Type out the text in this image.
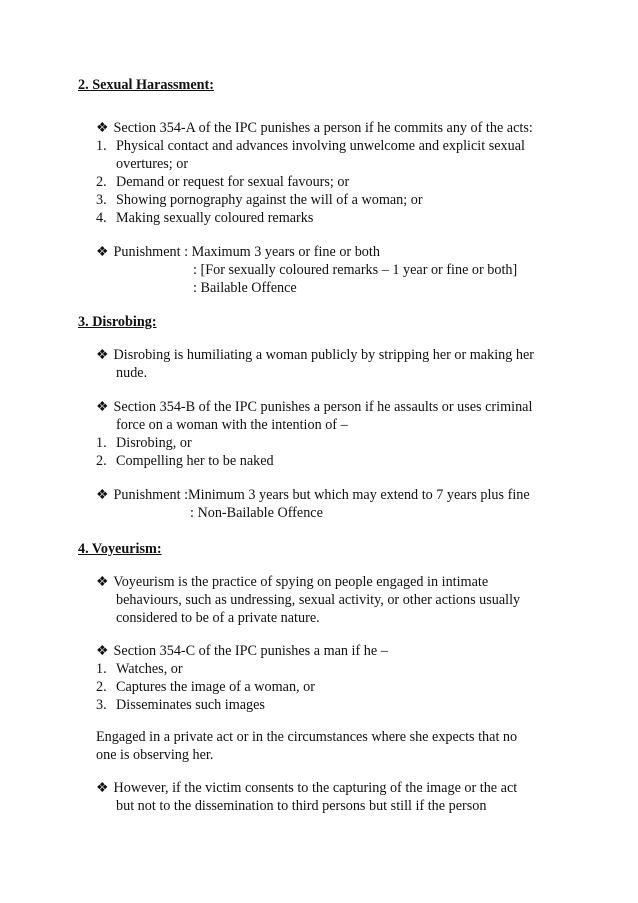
2. Sexual Harassment:
❖ Section 354-A of the IPC punishes a person if he commits any of the acts:
1. Physical contact and advances involving unwelcome and explicit sexual
overtures; or
2. Demand or request for sexual favours; or
3. Showing pornography against the will of a woman; or
4. Making sexually coloured remarks
❖ Punishment : Maximum 3 years or fine or both
: [For sexually coloured remarks – 1 year or fine or both]
: Bailable Offence
3. Disrobing:
❖ Disrobing is humiliating a woman publicly by stripping her or making her
nude.
❖ Section 354-B of the IPC punishes a person if he assaults or uses criminal
force on a woman with the intention of –
1. Disrobing, or
2. Compelling her to be naked
❖ Punishment :Minimum 3 years but which may extend to 7 years plus fine
: Non-Bailable Offence
4. Voyeurism:
❖ Voyeurism is the practice of spying on people engaged in intimate
behaviours, such as undressing, sexual activity, or other actions usually
considered to be of a private nature.
❖ Section 354-C of the IPC punishes a man if he –
1. Watches, or
2. Captures the image of a woman, or
3. Disseminates such images
Engaged in a private act or in the circumstances where she expects that no
one is observing her.
❖ However, if the victim consents to the capturing of the image or the act
but not to the dissemination to third persons but still if the person
